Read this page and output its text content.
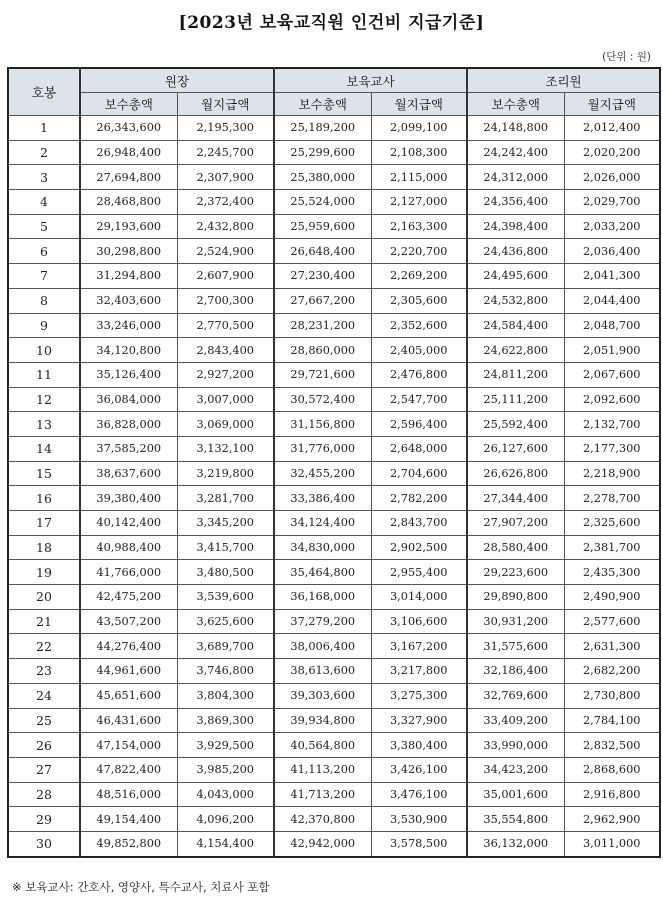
[2023년 보육교직원 인건비 지급기준]
(단위 : 원)
호봉	원장		보육교사		조리원	
	보수총액	월지급액	보수총액	월지급액	보수총액	월지급액
1	26,343,600	2,195,300	25,189,200	2,099,100	24,148,800	2,012,400
2	26,948,400	2,245,700	25,299,600	2,108,300	24,242,400	2,020,200
3	27,694,800	2,307,900	25,380,000	2,115,000	24,312,000	2,026,000
4	28,468,800	2,372,400	25,524,000	2,127,000	24,356,400	2,029,700
5	29,193,600	2,432,800	25,959,600	2,163,300	24,398,400	2,033,200
6	30,298,800	2,524,900	26,648,400	2,220,700	24,436,800	2,036,400
7	31,294,800	2,607,900	27,230,400	2,269,200	24,495,600	2,041,300
8	32,403,600	2,700,300	27,667,200	2,305,600	24,532,800	2,044,400
9	33,246,000	2,770,500	28,231,200	2,352,600	24,584,400	2,048,700
10	34,120,800	2,843,400	28,860,000	2,405,000	24,622,800	2,051,900
11	35,126,400	2,927,200	29,721,600	2,476,800	24,811,200	2,067,600
12	36,084,000	3,007,000	30,572,400	2,547,700	25,111,200	2,092,600
13	36,828,000	3,069,000	31,156,800	2,596,400	25,592,400	2,132,700
14	37,585,200	3,132,100	31,776,000	2,648,000	26,127,600	2,177,300
15	38,637,600	3,219,800	32,455,200	2,704,600	26,626,800	2,218,900
16	39,380,400	3,281,700	33,386,400	2,782,200	27,344,400	2,278,700
17	40,142,400	3,345,200	34,124,400	2,843,700	27,907,200	2,325,600
18	40,988,400	3,415,700	34,830,000	2,902,500	28,580,400	2,381,700
19	41,766,000	3,480,500	35,464,800	2,955,400	29,223,600	2,435,300
20	42,475,200	3,539,600	36,168,000	3,014,000	29,890,800	2,490,900
21	43,507,200	3,625,600	37,279,200	3,106,600	30,931,200	2,577,600
22	44,276,400	3,689,700	38,006,400	3,167,200	31,575,600	2,631,300
23	44,961,600	3,746,800	38,613,600	3,217,800	32,186,400	2,682,200
24	45,651,600	3,804,300	39,303,600	3,275,300	32,769,600	2,730,800
25	46,431,600	3,869,300	39,934,800	3,327,900	33,409,200	2,784,100
26	47,154,000	3,929,500	40,564,800	3,380,400	33,990,000	2,832,500
27	47,822,400	3,985,200	41,113,200	3,426,100	34,423,200	2,868,600
28	48,516,000	4,043,000	41,713,200	3,476,100	35,001,600	2,916,800
29	49,154,400	4,096,200	42,370,800	3,530,900	35,554,800	2,962,900
30	49,852,800	4,154,400	42,942,000	3,578,500	36,132,000	3,011,000
※ 보육교사: 간호사, 영양사, 특수교사, 치료사 포함
